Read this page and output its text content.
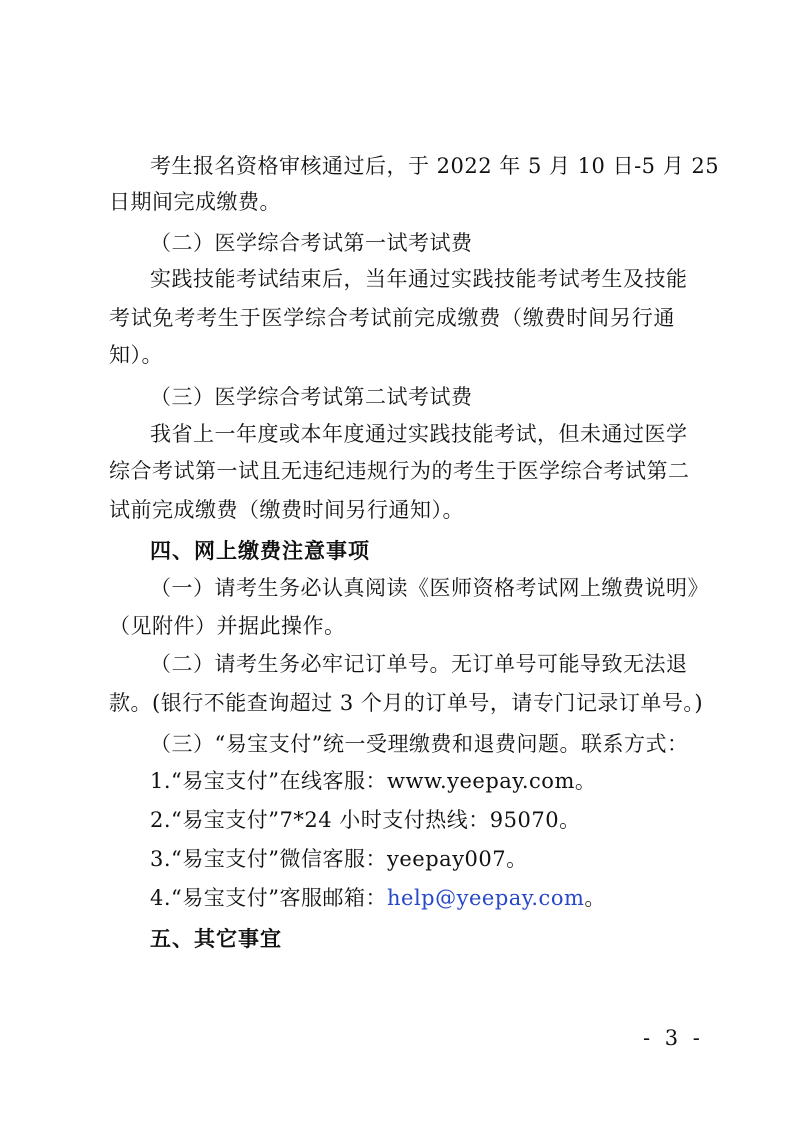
考生报名资格审核通过后，于 2022 年 5 月 10 日-5 月 25
日期间完成缴费。
（二）医学综合考试第一试考试费
实践技能考试结束后，当年通过实践技能考试考生及技能
考试免考考生于医学综合考试前完成缴费（缴费时间另行通
知）。
（三）医学综合考试第二试考试费
我省上一年度或本年度通过实践技能考试，但未通过医学
综合考试第一试且无违纪违规行为的考生于医学综合考试第二
试前完成缴费（缴费时间另行通知）。
四、网上缴费注意事项
（一）请考生务必认真阅读《医师资格考试网上缴费说明》
（见附件）并据此操作。
（二）请考生务必牢记订单号。无订单号可能导致无法退
款。(银行不能查询超过 3 个月的订单号，请专门记录订单号。)
（三）“易宝支付”统一受理缴费和退费问题。联系方式：
1.“易宝支付”在线客服：www.yeepay.com。
2.“易宝支付”7*24 小时支付热线：95070。
3.“易宝支付”微信客服：yeepay007。
4.“易宝支付”客服邮箱：help@yeepay.com。
五、其它事宜
- 3 -
